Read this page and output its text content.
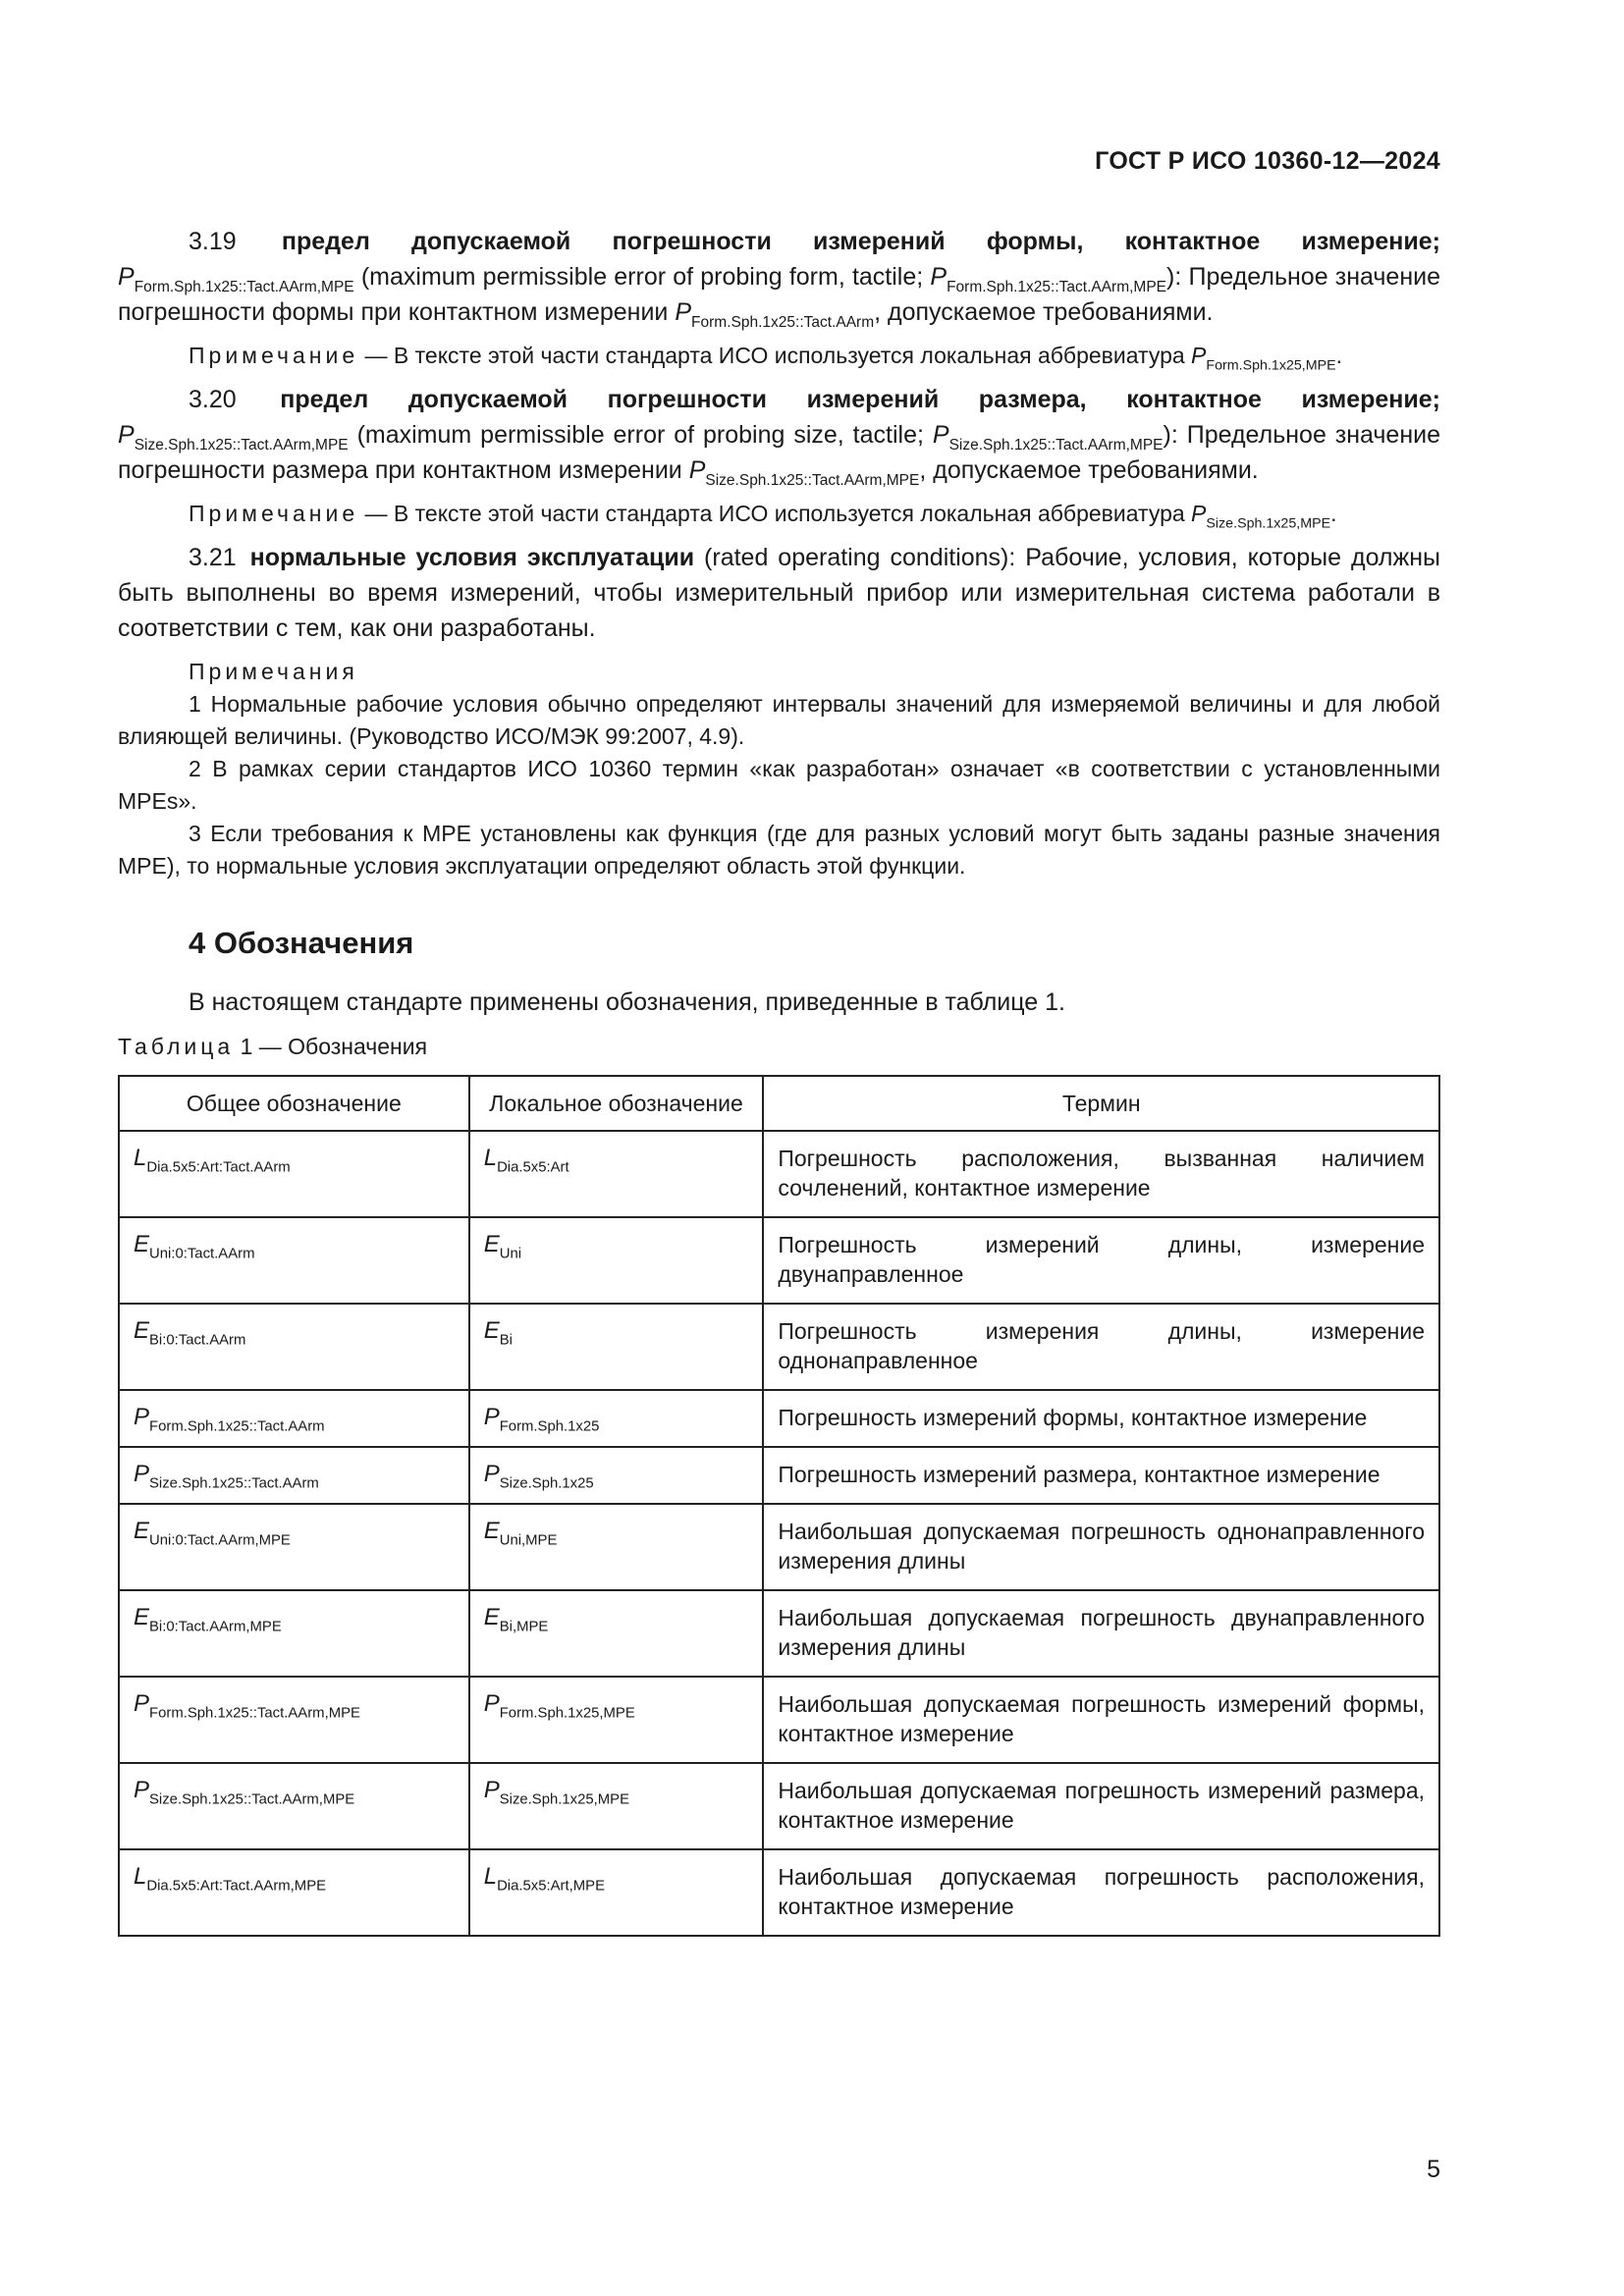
ГОСТ Р ИСО 10360-12—2024

3.19 предел допускаемой погрешности измерений формы, контактное измерение; $P_{Form.Sph.1x25::Tact.AArm,MPE}$ (maximum permissible error of probing form, tactile; $P_{Form.Sph.1x25::Tact.AArm,MPE}$): Предельное значение погрешности формы при контактном измерении $P_{Form.Sph.1x25::Tact.AArm}$, допускаемое требованиями.

Примечание — В тексте этой части стандарта ИСО используется локальная аббревиатура $P_{Form.Sph.1x25,MPE}$.

3.20 предел допускаемой погрешности измерений размера, контактное измерение; $P_{Size.Sph.1x25::Tact.AArm,MPE}$ (maximum permissible error of probing size, tactile; $P_{Size.Sph.1x25::Tact.AArm,MPE}$): Предельное значение погрешности размера при контактном измерении $P_{Size.Sph.1x25::Tact.AArm,MPE}$, допускаемое требованиями.

Примечание — В тексте этой части стандарта ИСО используется локальная аббревиатура $P_{Size.Sph.1x25,MPE}$.

3.21 нормальные условия эксплуатации (rated operating conditions): Рабочие, условия, которые должны быть выполнены во время измерений, чтобы измерительный прибор или измерительная система работали в соответствии с тем, как они разработаны.

Примечания

1 Нормальные рабочие условия обычно определяют интервалы значений для измеряемой величины и для любой влияющей величины. (Руководство ИСО/МЭК 99:2007, 4.9).

2 В рамках серии стандартов ИСО 10360 термин «как разработан» означает «в соответствии с установленными MPEs».

3 Если требования к MPE установлены как функция (где для разных условий могут быть заданы разные значения MPE), то нормальные условия эксплуатации определяют область этой функции.

4 Обозначения

В настоящем стандарте применены обозначения, приведенные в таблице 1.

Таблица 1 — Обозначения

Общее обозначение	Локальное обозначение	Термин
$L_{Dia.5x5:Art:Tact.AArm}$	$L_{Dia.5x5:Art}$	Погрешность расположения, вызванная наличием сочленений, контактное измерение
$E_{Uni:0:Tact.AArm}$	$E_{Uni}$	Погрешность измерений длины, измерение двунаправленное
$E_{Bi:0:Tact.AArm}$	$E_{Bi}$	Погрешность измерения длины, измерение однонаправленное
$P_{Form.Sph.1x25::Tact.AArm}$	$P_{Form.Sph.1x25}$	Погрешность измерений формы, контактное измерение
$P_{Size.Sph.1x25::Tact.AArm}$	$P_{Size.Sph.1x25}$	Погрешность измерений размера, контактное измерение
$E_{Uni:0:Tact.AArm,MPE}$	$E_{Uni,MPE}$	Наибольшая допускаемая погрешность однонаправленного измерения длины
$E_{Bi:0:Tact.AArm,MPE}$	$E_{Bi,MPE}$	Наибольшая допускаемая погрешность двунаправленного измерения длины
$P_{Form.Sph.1x25::Tact.AArm,MPE}$	$P_{Form.Sph.1x25,MPE}$	Наибольшая допускаемая погрешность измерений формы, контактное измерение
$P_{Size.Sph.1x25::Tact.AArm,MPE}$	$P_{Size.Sph.1x25,MPE}$	Наибольшая допускаемая погрешность измерений размера, контактное измерение
$L_{Dia.5x5:Art:Tact.AArm,MPE}$	$L_{Dia.5x5:Art,MPE}$	Наибольшая допускаемая погрешность расположения, контактное измерение
5
